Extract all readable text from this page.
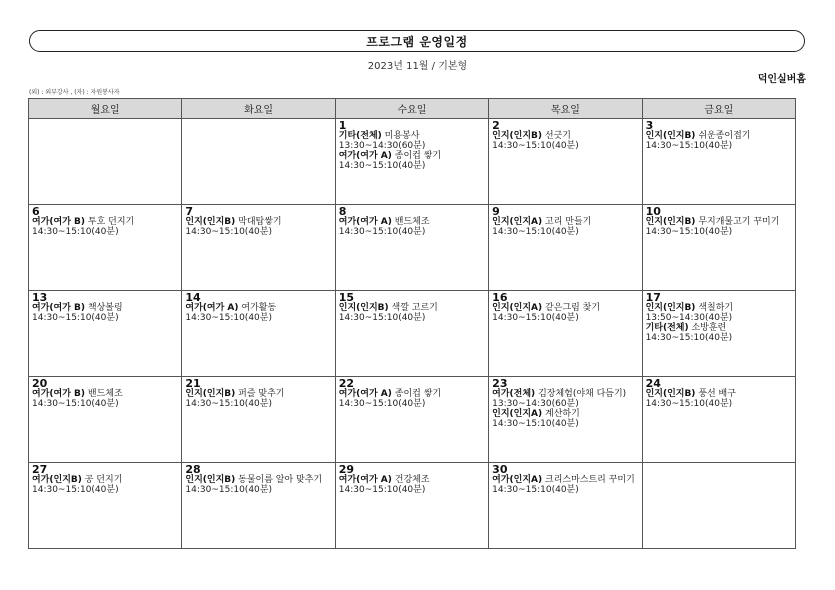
프로그램 운영일정
2023년 11월 / 기본형
덕인실버홈
(외) : 외부강사 , (자) : 자원봉사자
월요일	화요일	수요일	목요일	금요일

		1
기타(전체) 미용봉사
13:30~14:30(60분)
여가(여가 A) 종이컵 쌓기
14:30~15:10(40분)	2
인지(인지B) 선긋기
14:30~15:10(40분)	3
인지(인지B) 쉬운종이접기
14:30~15:10(40분)

6
여가(여가 B) 투호 던지기
14:30~15:10(40분)	7
인지(인지B) 막대탑쌓기
14:30~15:10(40분)	8
여가(여가 A) 밴드체조
14:30~15:10(40분)	9
인지(인지A) 고리 만들기
14:30~15:10(40분)	10
인지(인지B) 무지개물고기 꾸미기
14:30~15:10(40분)

13
여가(여가 B) 책상볼링
14:30~15:10(40분)	14
여가(여가 A) 여가활동
14:30~15:10(40분)	15
인지(인지B) 색깔 고르기
14:30~15:10(40분)	16
인지(인지A) 같은그림 찾기
14:30~15:10(40분)	17
인지(인지B) 색칠하기
13:50~14:30(40분)
기타(전체) 소방훈련
14:30~15:10(40분)

20
여가(여가 B) 밴드체조
14:30~15:10(40분)	21
인지(인지B) 퍼즐 맞추기
14:30~15:10(40분)	22
여가(여가 A) 종이컵 쌓기
14:30~15:10(40분)	23
여가(전체) 김장체험(야채 다듬기)
13:30~14:30(60분)
인지(인지A) 계산하기
14:30~15:10(40분)	24
인지(인지B) 풍선 배구
14:30~15:10(40분)

27
여가(인지B) 공 던지기
14:30~15:10(40분)	28
인지(인지B) 동물이름 알아 맞추기
14:30~15:10(40분)	29
여가(여가 A) 건강체조
14:30~15:10(40분)	30
여가(인지A) 크리스마스트리 꾸미기
14:30~15:10(40분)	
